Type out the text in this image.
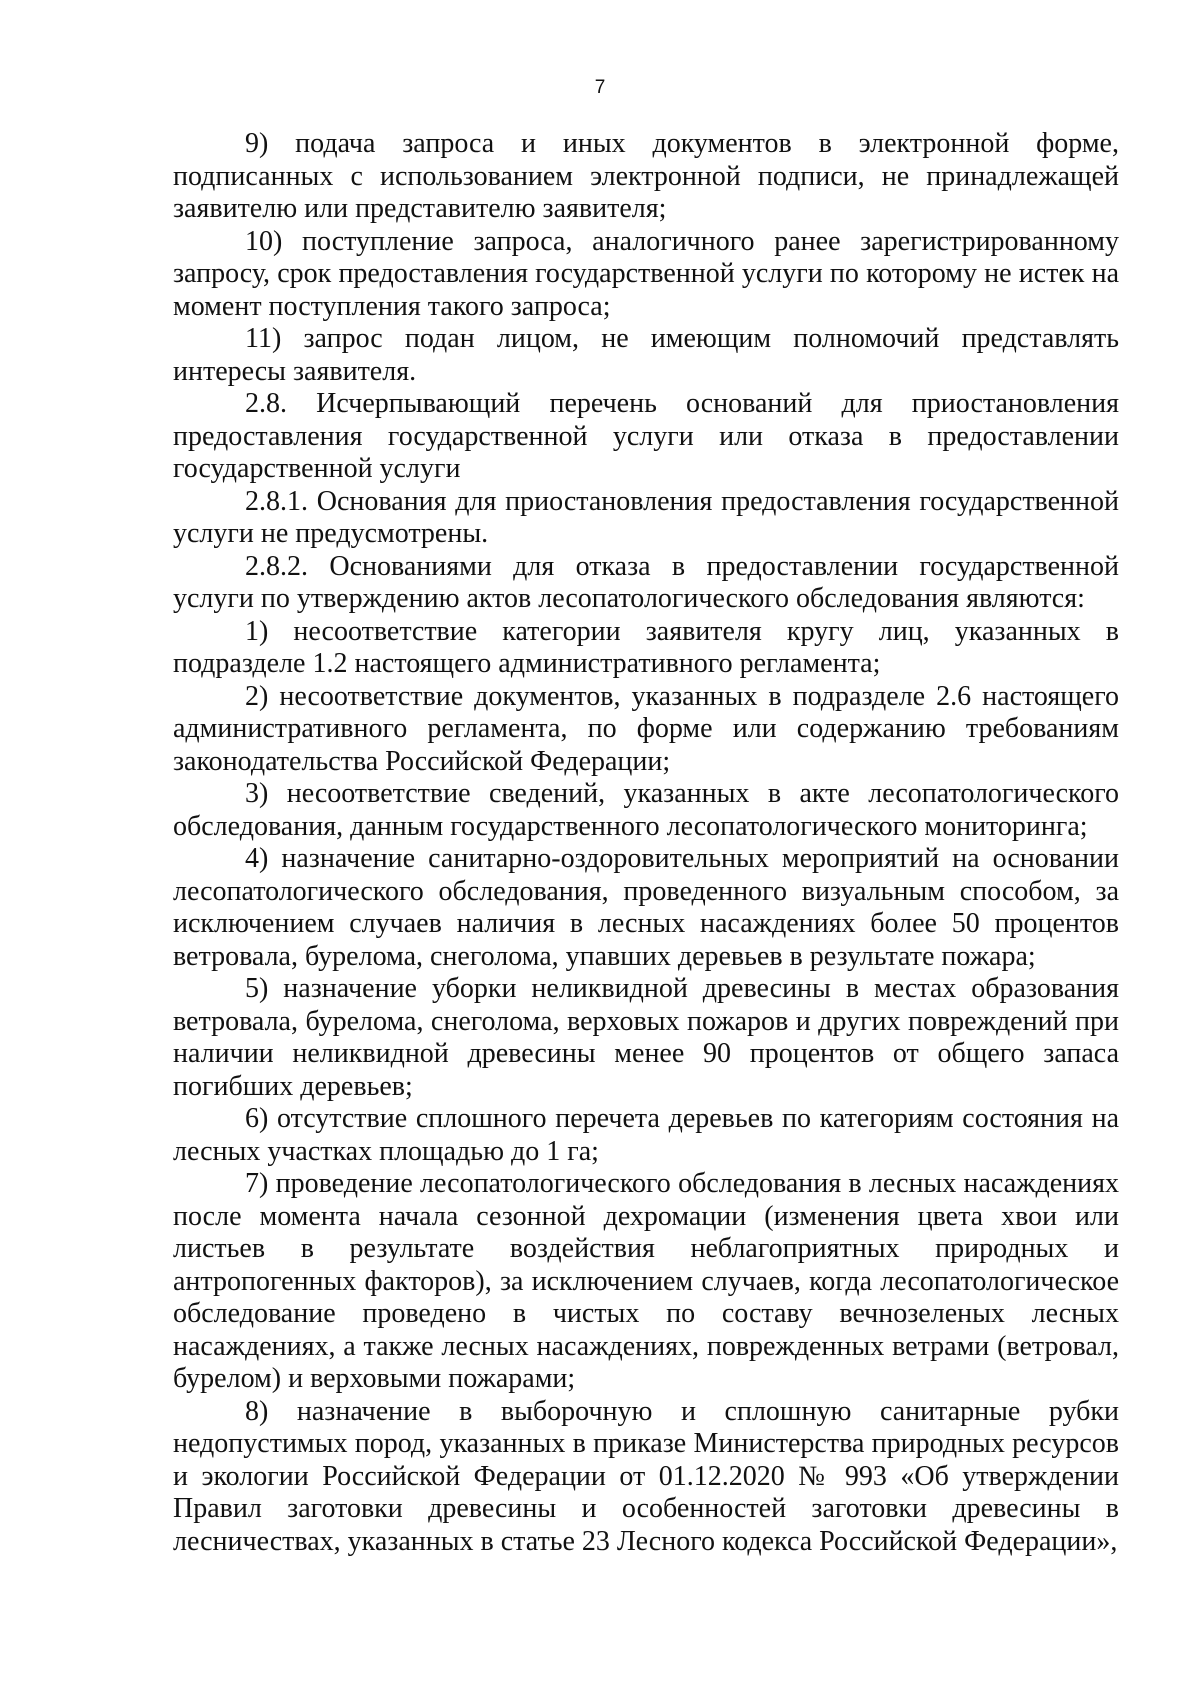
7

9) подача запроса и иных документов в электронной форме, подписанных с использованием электронной подписи, не принадлежащей заявителю или представителю заявителя;

10) поступление запроса, аналогичного ранее зарегистрированному запросу, срок предоставления государственной услуги по которому не истек на момент поступления такого запроса;

11) запрос подан лицом, не имеющим полномочий представлять интересы заявителя.

2.8. Исчерпывающий перечень оснований для приостановления предоставления государственной услуги или отказа в предоставлении государственной услуги

2.8.1. Основания для приостановления предоставления государственной услуги не предусмотрены.

2.8.2. Основаниями для отказа в предоставлении государственной услуги по утверждению актов лесопатологического обследования являются:

1) несоответствие категории заявителя кругу лиц, указанных в подразделе 1.2 настоящего административного регламента;

2) несоответствие документов, указанных в подразделе 2.6 настоящего административного регламента, по форме или содержанию требованиям законодательства Российской Федерации;

3) несоответствие сведений, указанных в акте лесопатологического обследования, данным государственного лесопатологического мониторинга;

4) назначение санитарно-оздоровительных мероприятий на основании лесопатологического обследования, проведенного визуальным способом, за исключением случаев наличия в лесных насаждениях более 50 процентов ветровала, бурелома, снеголома, упавших деревьев в результате пожара;

5) назначение уборки неликвидной древесины в местах образования ветровала, бурелома, снеголома, верховых пожаров и других повреждений при наличии неликвидной древесины менее 90 процентов от общего запаса погибших деревьев;

6) отсутствие сплошного перечета деревьев по категориям состояния на лесных участках площадью до 1 га;

7) проведение лесопатологического обследования в лесных насаждениях после момента начала сезонной дехромации (изменения цвета хвои или листьев в результате воздействия неблагоприятных природных и антропогенных факторов), за исключением случаев, когда лесопатологическое обследование проведено в чистых по составу вечнозеленых лесных насаждениях, а также лесных насаждениях, поврежденных ветрами (ветровал, бурелом) и верховыми пожарами;

8) назначение в выборочную и сплошную санитарные рубки недопустимых пород, указанных в приказе Министерства природных ресурсов и экологии Российской Федерации от 01.12.2020 № 993 «Об утверждении Правил заготовки древесины и особенностей заготовки древесины в лесничествах, указанных в статье 23 Лесного кодекса Российской Федерации»,
